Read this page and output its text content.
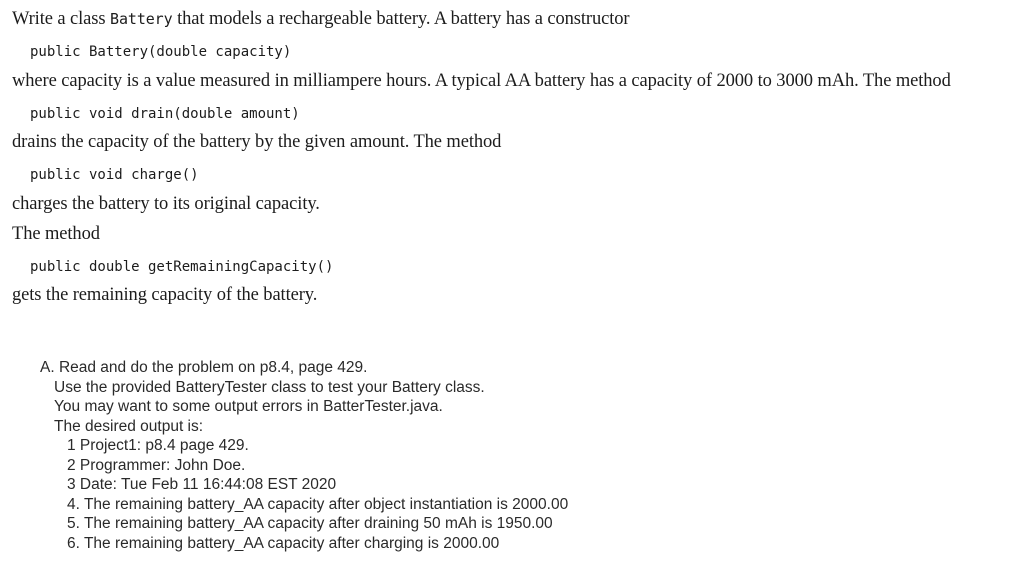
Write a class Battery that models a rechargeable battery. A battery has a constructor
public Battery(double capacity)
where capacity is a value measured in milliampere hours. A typical AA battery has a capacity of 2000 to 3000 mAh. The method
public void drain(double amount)
drains the capacity of the battery by the given amount. The method
public void charge()
charges the battery to its original capacity.
The method
public double getRemainingCapacity()
gets the remaining capacity of the battery.
A. Read and do the problem on p8.4, page 429.
Use the provided BatteryTester class to test your Battery class.
You may want to some output errors in BatterTester.java.
The desired output is:
1 Project1: p8.4 page 429.
2 Programmer: John Doe.
3 Date: Tue Feb 11 16:44:08 EST 2020
4. The remaining battery_AA capacity after object instantiation is 2000.00
5. The remaining battery_AA capacity after draining 50 mAh is 1950.00
6. The remaining battery_AA capacity after charging is 2000.00
